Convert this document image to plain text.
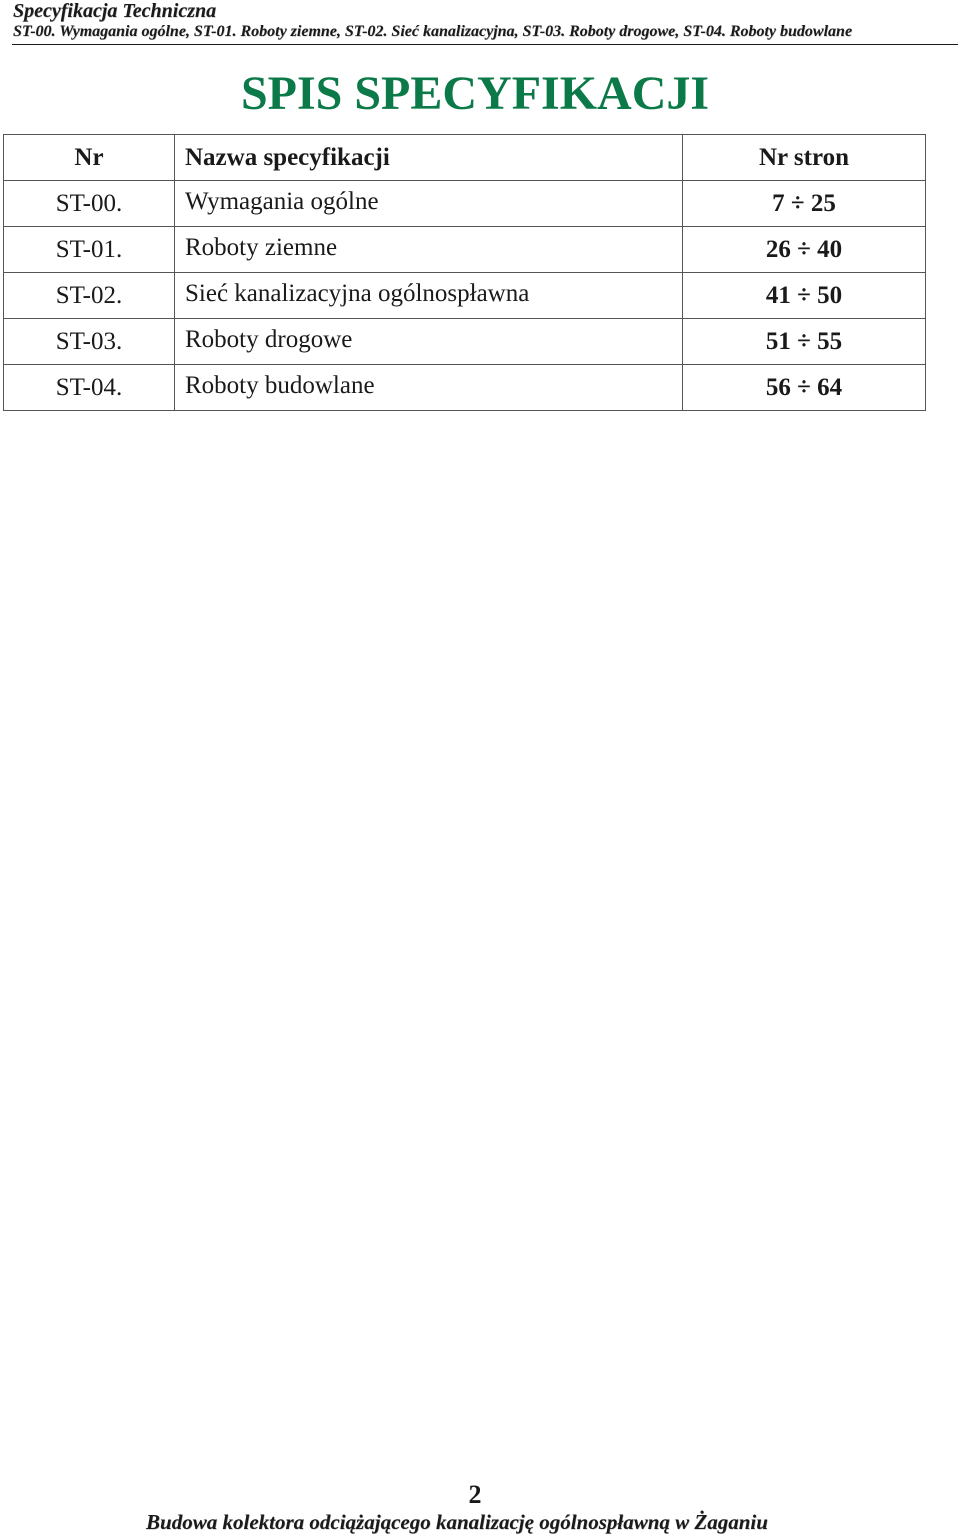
Specyfikacja Techniczna
ST-00. Wymagania ogólne, ST-01. Roboty ziemne, ST-02. Sieć kanalizacyjna, ST-03. Roboty drogowe, ST-04. Roboty budowlane
SPIS SPECYFIKACJI
Nr	Nazwa specyfikacji	Nr stron
ST-00.	Wymagania ogólne	7 ÷ 25
ST-01.	Roboty ziemne	26 ÷ 40
ST-02.	Sieć kanalizacyjna ogólnospławna	41 ÷ 50
ST-03.	Roboty drogowe	51 ÷ 55
ST-04.	Roboty budowlane	56 ÷ 64
2
Budowa kolektora odciążającego kanalizację ogólnospławną w Żaganiu
